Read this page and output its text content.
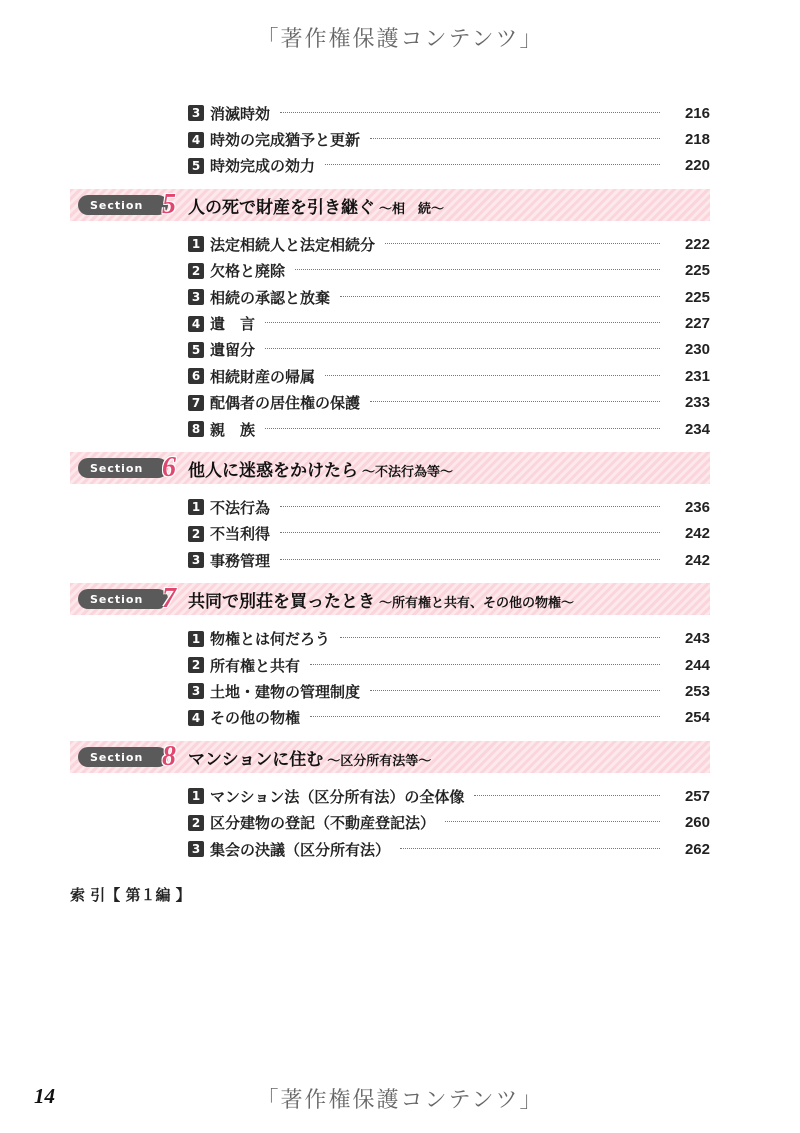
「著作権保護コンテンツ」
3 消滅時効	216
4 時効の完成猶予と更新	218
5 時効完成の効力	220
Section 5 人の死で財産を引き継ぐ ～相　続～
1 法定相続人と法定相続分	222
2 欠格と廃除	225
3 相続の承認と放棄	225
4 遺　言	227
5 遺留分	230
6 相続財産の帰属	231
7 配偶者の居住権の保護	233
8 親　族	234
Section 6 他人に迷惑をかけたら ～不法行為等～
1 不法行為	236
2 不当利得	242
3 事務管理	242
Section 7 共同で別荘を買ったとき ～所有権と共有、その他の物権～
1 物権とは何だろう	243
2 所有権と共有	244
3 土地・建物の管理制度	253
4 その他の物権	254
Section 8 マンションに住む ～区分所有法等～
1 マンション法（区分所有法）の全体像	257
2 区分建物の登記（不動産登記法）	260
3 集会の決議（区分所有法）	262
索 引【 第１編 】
14	「著作権保護コンテンツ」
